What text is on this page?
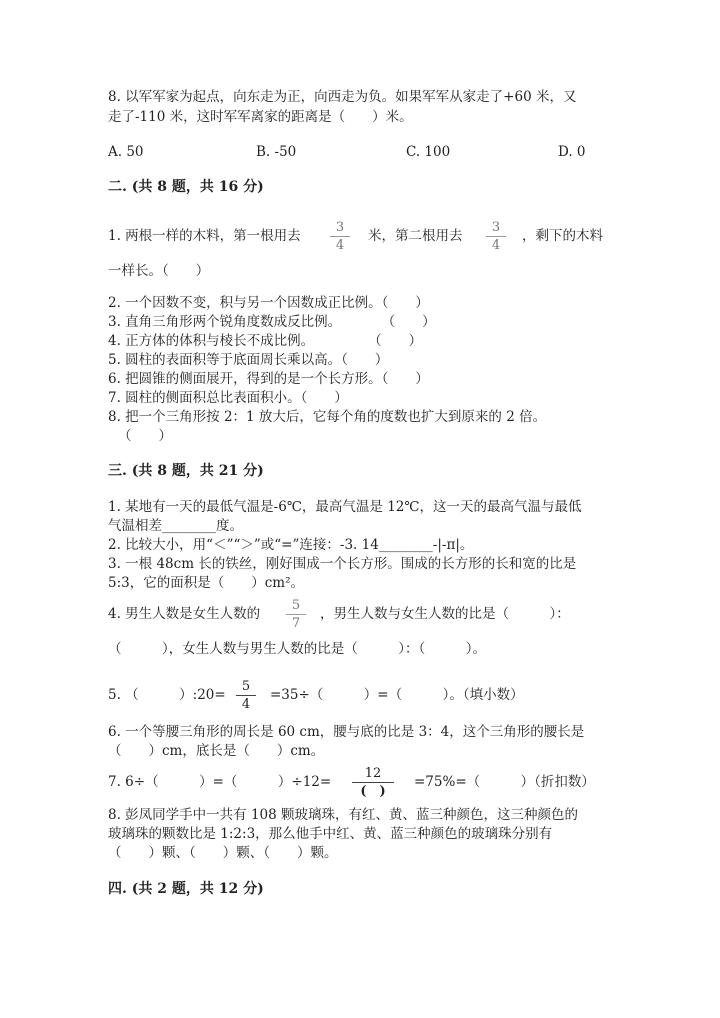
8. 以军军家为起点，向东走为正，向西走为负。如果军军从家走了+60 米，又
走了-110 米，这时军军离家的距离是（　　）米。
A. 50	B. -50	C. 100	D. 0
二. (共 8 题，共 16 分)
1. 两根一样的木料，第一根用去
3
4
米，第二根用去
3
4
，剩下的木料
一样长。（　　）
2. 一个因数不变，积与另一个因数成正比例。（　　）
3. 直角三角形两个锐角度数成反比例。　　　　（　　）
4. 正方体的体积与棱长不成比例。　　　　　（　　）
5. 圆柱的表面积等于底面周长乘以高。（　　）
6. 把圆锥的侧面展开，得到的是一个长方形。（　　）
7. 圆柱的侧面积总比表面积小。（　　）
8. 把一个三角形按 2：1 放大后，它每个角的度数也扩大到原来的 2 倍。
（　　）
三. (共 8 题，共 21 分)
1. 某地有一天的最低气温是-6℃，最高气温是 12℃，这一天的最高气温与最低
气温相差________度。
2. 比较大小，用“＜”“＞”或“=”连接：-3. 14________-|-π|。
3. 一根 48cm 长的铁丝，刚好围成一个长方形。围成的长方形的长和宽的比是
5:3，它的面积是（　　）cm²。
4. 男生人数是女生人数的
5
7
，男生人数与女生人数的比是（　　　）：
（　　　），女生人数与男生人数的比是（　　　）：（　　　）。
5. （　　　）:20=
5
4
=35÷（　　　）=（　　　）。（填小数）
6. 一个等腰三角形的周长是 60 cm，腰与底的比是 3：4，这个三角形的腰长是
（　　）cm，底长是（　　）cm。
7. 6÷（　　　）=（　　　）÷12=
12
(　)
=75%=（　　　）（折扣数）
8. 彭凤同学手中一共有 108 颗玻璃珠，有红、黄、蓝三种颜色，这三种颜色的
玻璃珠的颗数比是 1:2:3，那么他手中红、黄、蓝三种颜色的玻璃珠分别有
（　　）颗、（　　）颗、（　　）颗。
四. (共 2 题，共 12 分)
